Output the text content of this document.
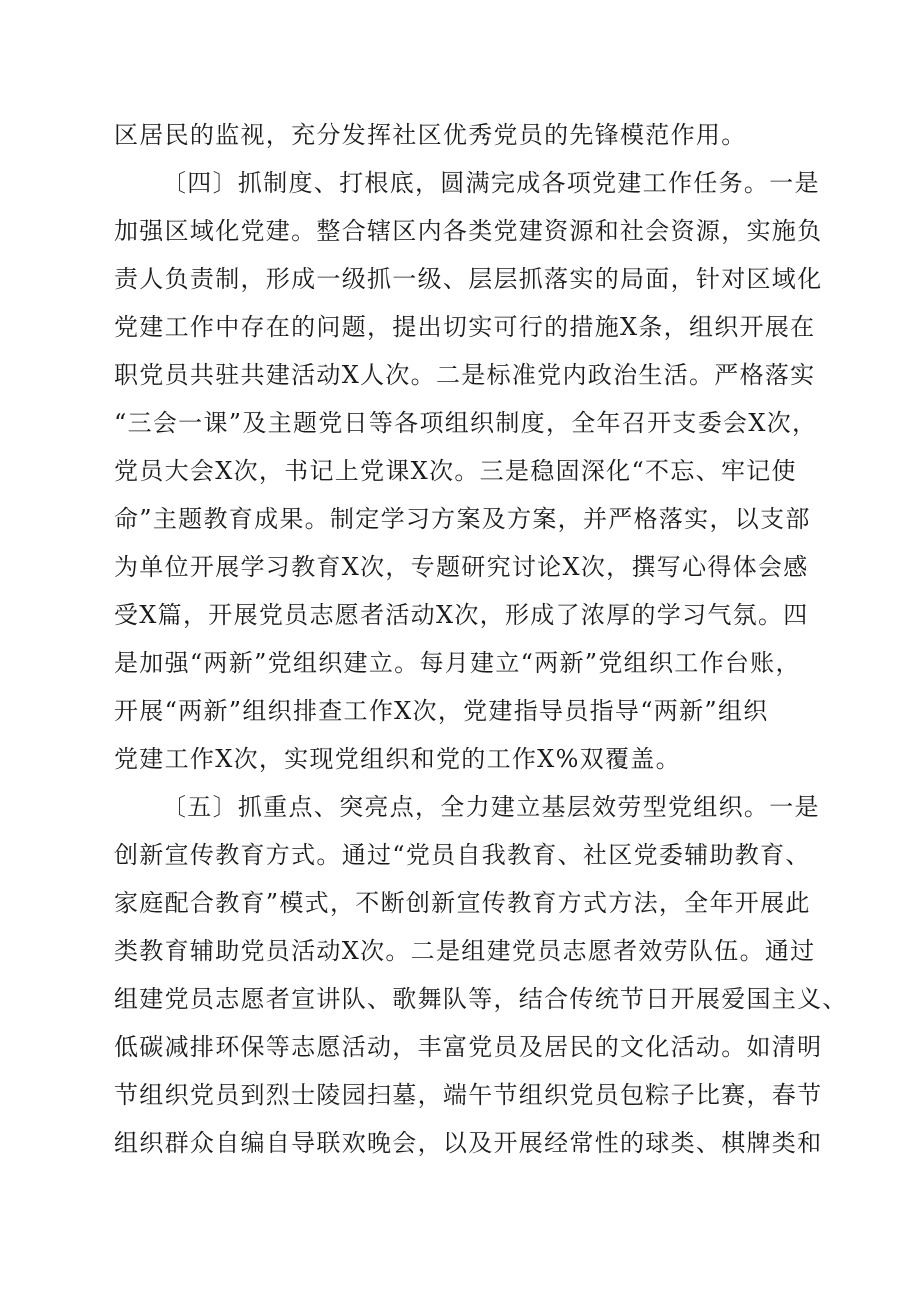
区居民的监视，充分发挥社区优秀党员的先锋模范作用。
〔四〕抓制度、打根底，圆满完成各项党建工作任务。一是
加强区域化党建。整合辖区内各类党建资源和社会资源，实施负
责人负责制，形成一级抓一级、层层抓落实的局面，针对区域化
党建工作中存在的问题，提出切实可行的措施X条，组织开展在
职党员共驻共建活动X人次。二是标准党内政治生活。严格落实
“三会一课”及主题党日等各项组织制度，全年召开支委会X次，
党员大会X次，书记上党课X次。三是稳固深化“不忘、牢记使
命”主题教育成果。制定学习方案及方案，并严格落实，以支部
为单位开展学习教育X次，专题研究讨论X次，撰写心得体会感
受X篇，开展党员志愿者活动X次，形成了浓厚的学习气氛。四
是加强“两新”党组织建立。每月建立“两新”党组织工作台账，
开展“两新”组织排查工作X次，党建指导员指导“两新”组织
党建工作X次，实现党组织和党的工作X%双覆盖。
〔五〕抓重点、突亮点，全力建立基层效劳型党组织。一是
创新宣传教育方式。通过“党员自我教育、社区党委辅助教育、
家庭配合教育”模式，不断创新宣传教育方式方法，全年开展此
类教育辅助党员活动X次。二是组建党员志愿者效劳队伍。通过
组建党员志愿者宣讲队、歌舞队等，结合传统节日开展爱国主义、
低碳减排环保等志愿活动，丰富党员及居民的文化活动。如清明
节组织党员到烈士陵园扫墓，端午节组织党员包粽子比赛，春节
组织群众自编自导联欢晚会，以及开展经常性的球类、棋牌类和
